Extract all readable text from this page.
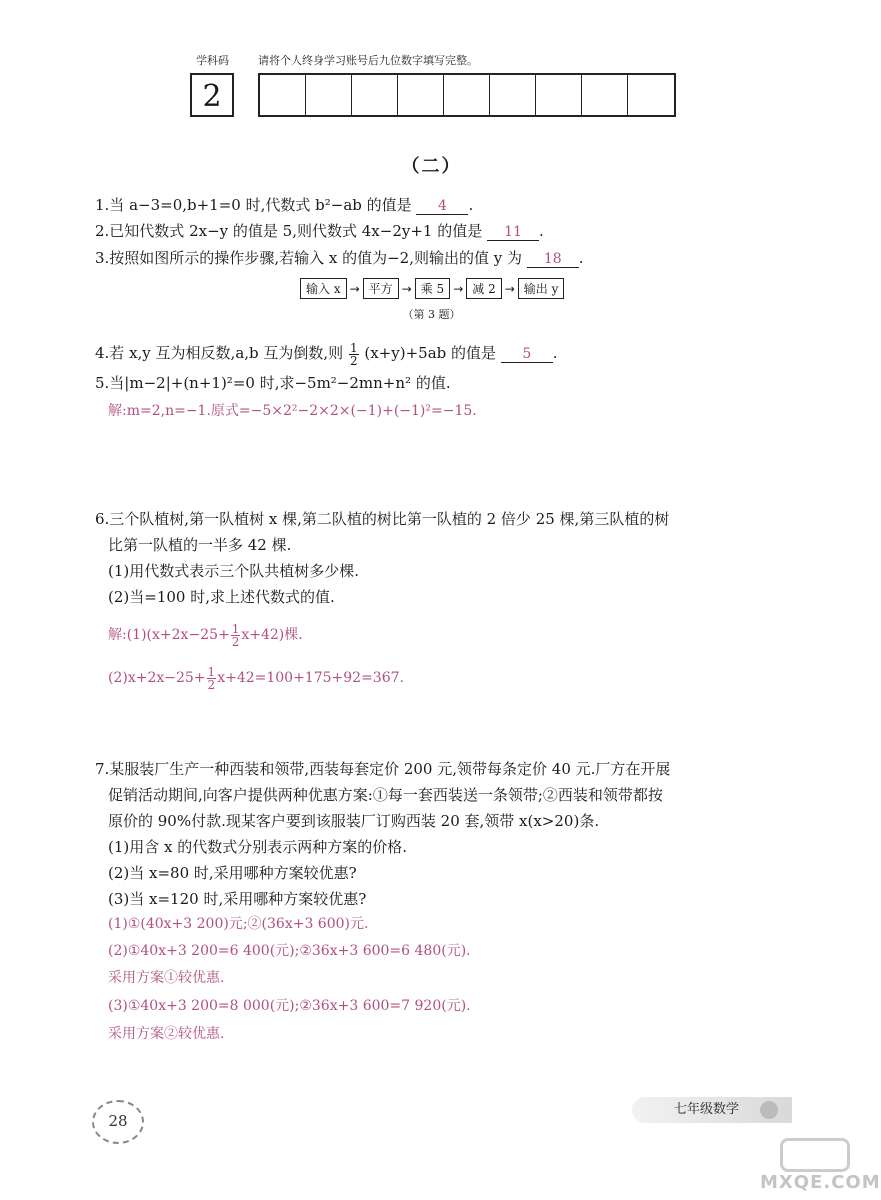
学科码	请将个人终身学习账号后九位数字填写完整。
2
（二）
1.当 a−3=0,b+1=0 时,代数式 b²−ab 的值是 4 .
2.已知代数式 2x−y 的值是 5,则代数式 4x−2y+1 的值是 11 .
3.按照如图所示的操作步骤,若输入 x 的值为−2,则输出的值 y 为 18 .
输入 x → 平方 → 乘 5 → 减 2 → 输出 y
（第 3 题）
4.若 x,y 互为相反数,a,b 互为倒数,则 $\frac{1}{2} (x+y)+5ab$ 的值是 5 .
5.当|m−2|+(n+1)²=0 时,求−5m²−2mn+n² 的值.
解:m=2,n=−1.原式=−5×2²−2×2×(−1)+(−1)²=−15.
6.三个队植树,第一队植树 x 棵,第二队植的树比第一队植的 2 倍少 25 棵,第三队植的树
比第一队植的一半多 42 棵.
(1)用代数式表示三个队共植树多少棵.
(2)当=100 时,求上述代数式的值.
解:(1)(x+2x−25+ $\frac{1}{2} x+42$)棵.
$(2)x+2x-25+ \frac{1}{2} x+42=100+175+92=367$.
7.某服装厂生产一种西装和领带,西装每套定价 200 元,领带每条定价 40 元.厂方在开展
促销活动期间,向客户提供两种优惠方案:①每一套西装送一条领带;②西装和领带都按
原价的 90%付款.现某客户要到该服装厂订购西装 20 套,领带 x(x>20)条.
(1)用含 x 的代数式分别表示两种方案的价格.
(2)当 x=80 时,采用哪种方案较优惠?
(3)当 x=120 时,采用哪种方案较优惠?
(1)①(40x+3 200)元;②(36x+3 600)元.
(2)①40x+3 200=6 400(元);②36x+3 600=6 480(元).
采用方案①较优惠.
(3)①40x+3 200=8 000(元);②36x+3 600=7 920(元).
采用方案②较优惠.
28
七年级数学
MXQE.COM
